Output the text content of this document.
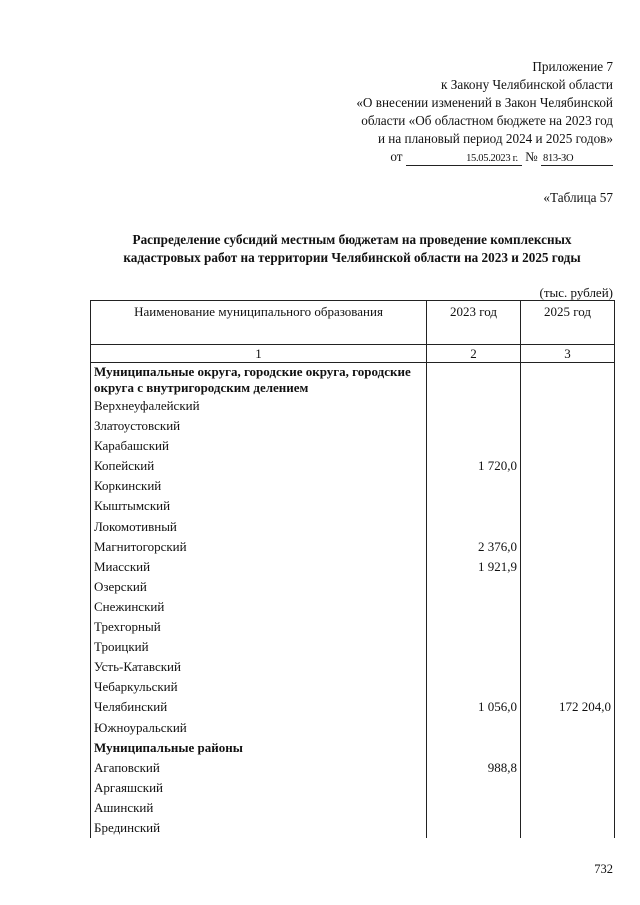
Приложение 7
к Закону Челябинской области
«О внесении изменений в Закон Челябинской
области «Об областном бюджете на 2023 год
и на плановый период 2024 и 2025 годов»
от	15.05.2023 г. № 813-ЗО
«Таблица 57
Распределение субсидий местным бюджетам на проведение комплексных
кадастровых работ на территории Челябинской области на 2023 и 2025 годы
(тыс. рублей)
Наименование муниципального образования	2023 год	2025 год
1	2	3
Муниципальные округа, городские округа, городские округа с внутригородским делением		
Верхнеуфалейский		
Златоустовский		
Карабашский		
Копейский	1 720,0	
Коркинский		
Кыштымский		
Локомотивный		
Магнитогорский	2 376,0	
Миасский	1 921,9	
Озерский		
Снежинский		
Трехгорный		
Троицкий		
Усть-Катавский		
Чебаркульский		
Челябинский	1 056,0	172 204,0
Южноуральский		
Муниципальные районы		
Агаповский	988,8	
Аргаяшский		
Ашинский		
Брединский		
732
